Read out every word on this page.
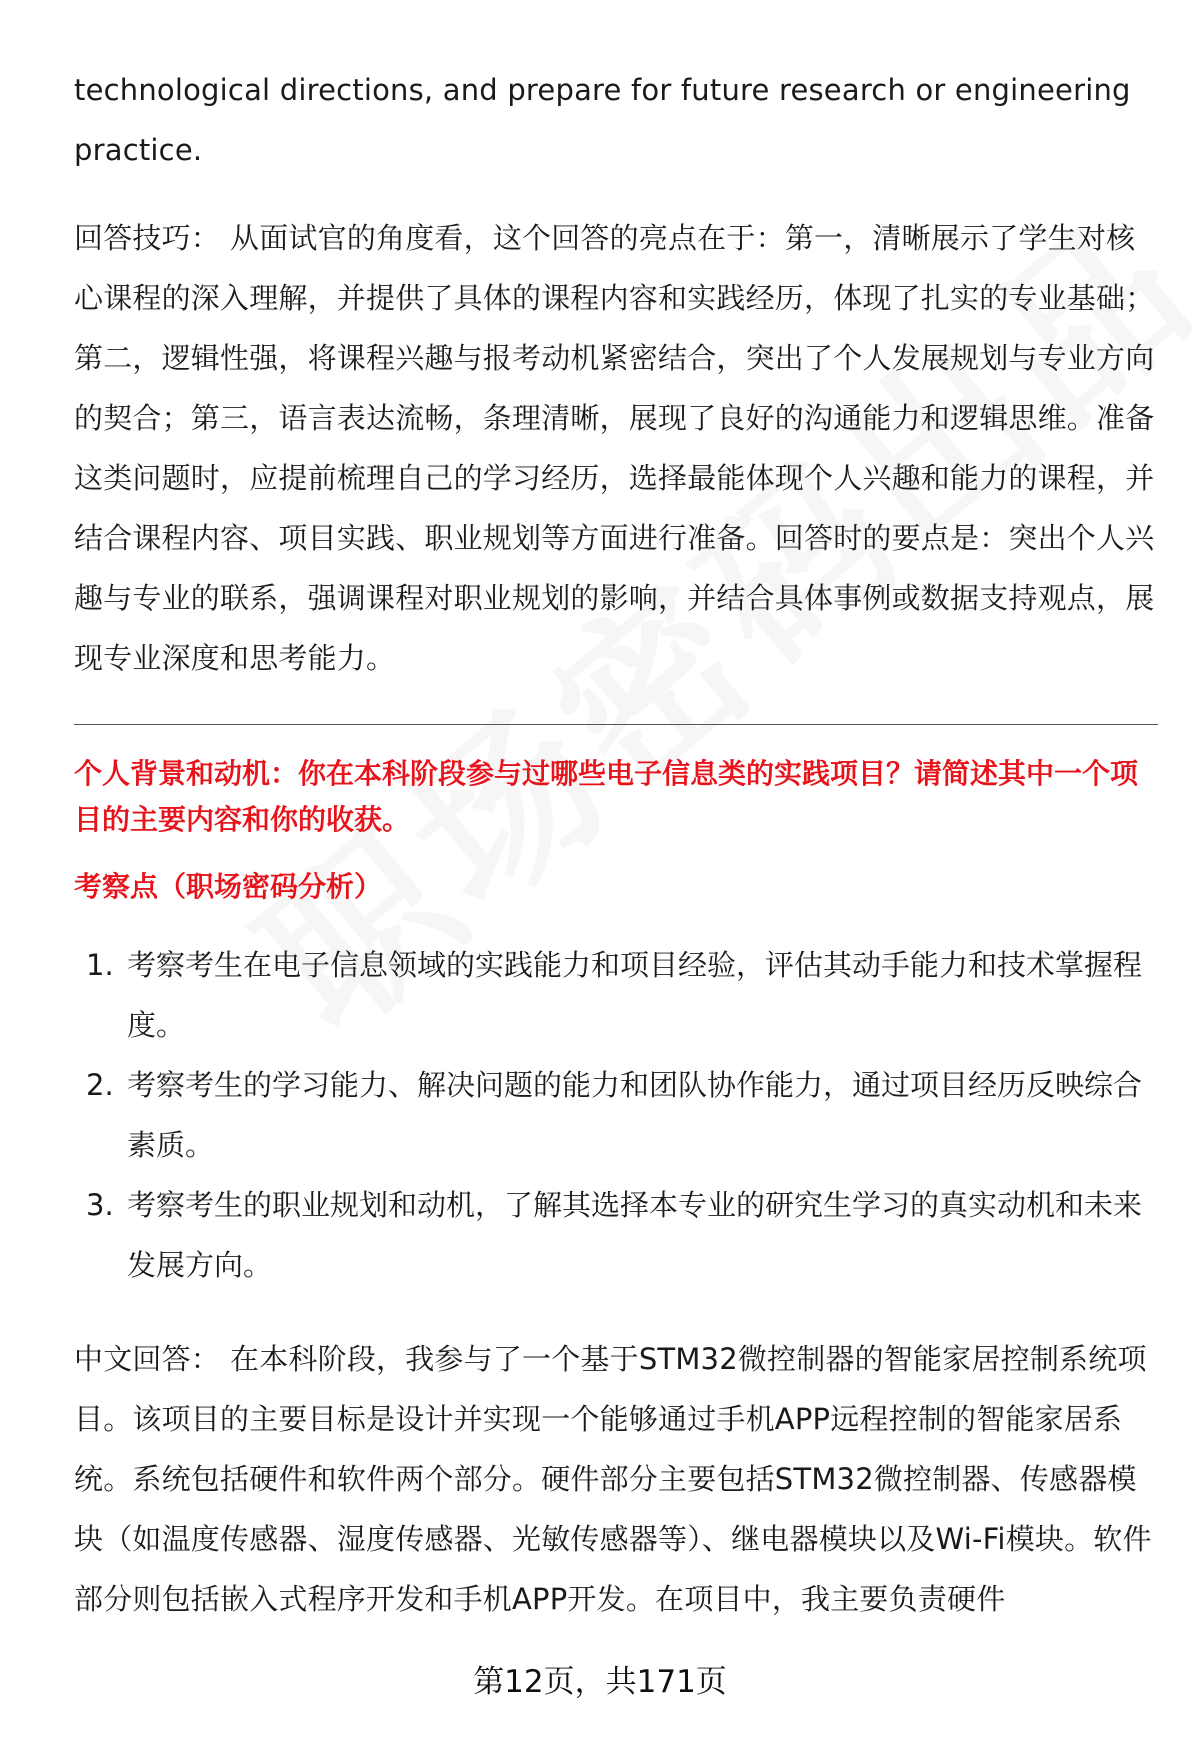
technological directions, and prepare for future research or engineering practice.

回答技巧： 从面试官的角度看，这个回答的亮点在于：第一，清晰展示了学生对核心课程的深入理解，并提供了具体的课程内容和实践经历，体现了扎实的专业基础；第二，逻辑性强，将课程兴趣与报考动机紧密结合，突出了个人发展规划与专业方向的契合；第三，语言表达流畅，条理清晰，展现了良好的沟通能力和逻辑思维。准备这类问题时，应提前梳理自己的学习经历，选择最能体现个人兴趣和能力的课程，并结合课程内容、项目实践、职业规划等方面进行准备。回答时的要点是：突出个人兴趣与专业的联系，强调课程对职业规划的影响，并结合具体事例或数据支持观点，展现专业深度和思考能力。

个人背景和动机：你在本科阶段参与过哪些电子信息类的实践项目？请简述其中一个项目的主要内容和你的收获。

考察点（职场密码分析）

1. 考察考生在电子信息领域的实践能力和项目经验，评估其动手能力和技术掌握程度。
2. 考察考生的学习能力、解决问题的能力和团队协作能力，通过项目经历反映综合素质。
3. 考察考生的职业规划和动机，了解其选择本专业的研究生学习的真实动机和未来发展方向。

中文回答： 在本科阶段，我参与了一个基于STM32微控制器的智能家居控制系统项目。该项目的主要目标是设计并实现一个能够通过手机APP远程控制的智能家居系统。系统包括硬件和软件两个部分。硬件部分主要包括STM32微控制器、传感器模块（如温度传感器、湿度传感器、光敏传感器等）、继电器模块以及Wi-Fi模块。软件部分则包括嵌入式程序开发和手机APP开发。在项目中，我主要负责硬件

第12页，共171页
